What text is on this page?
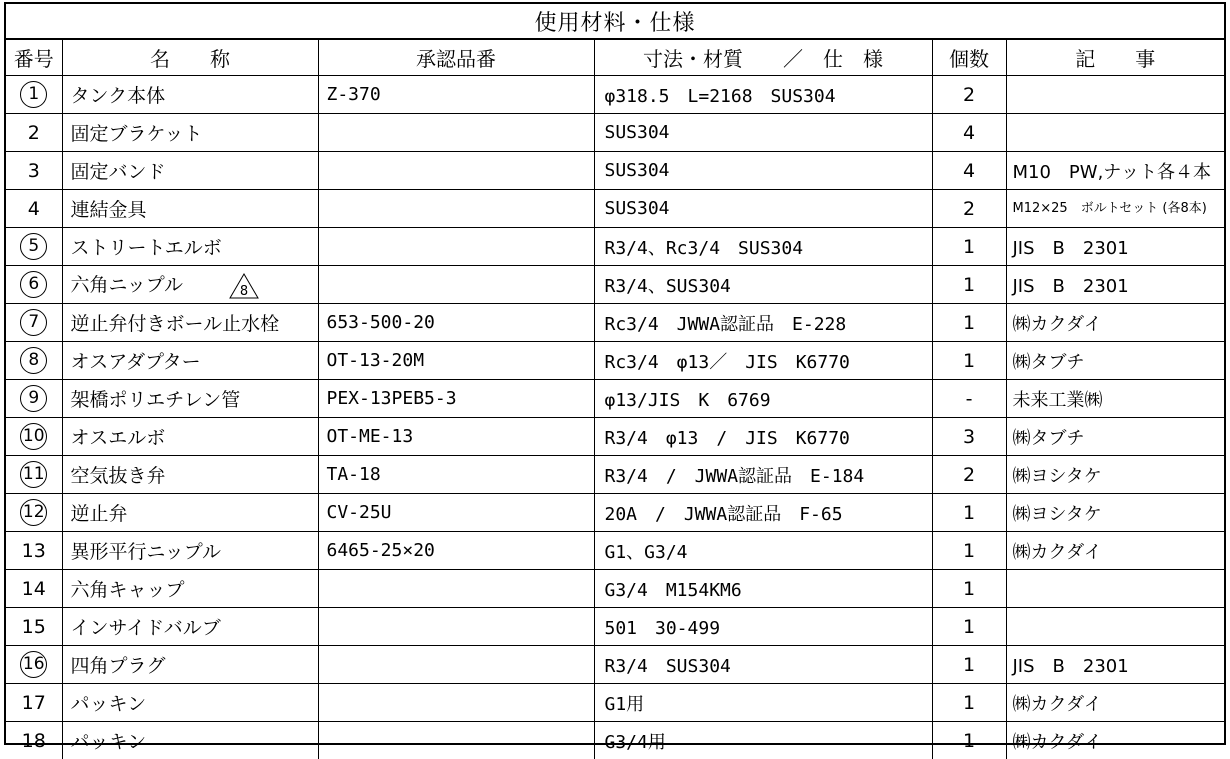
使用材料・仕様
番号	名　　称	承認品番	寸法・材質　　／　仕　様	個数	記　　事
1	タンク本体	Z-370	φ318.5　L=2168　SUS304	2	
2	固定ブラケット		SUS304	4	
3	固定バンド		SUS304	4	M10　PW,ナット各４本
4	連結金具		SUS304	2	M12×25　ボルトセット (各8本)
5	ストリートエルボ		R3/4、Rc3/4　SUS304	1	JIS　B　2301
6	六角ニップル 8		R3/4、SUS304	1	JIS　B　2301
7	逆止弁付きボール止水栓	653-500-20	Rc3/4　JWWA認証品　E-228	1	㈱カクダイ
8	オスアダプター	OT-13-20M	Rc3/4　φ13／　JIS　K6770	1	㈱タブチ
9	架橋ポリエチレン管	PEX-13PEB5-3	φ13/JIS　K　6769	-	未来工業㈱
10	オスエルボ	OT-ME-13	R3/4　φ13　/　JIS　K6770	3	㈱タブチ
11	空気抜き弁	TA-18	R3/4　/　JWWA認証品　E-184	2	㈱ヨシタケ
12	逆止弁	CV-25U	20A　/　JWWA認証品　F-65	1	㈱ヨシタケ
13	異形平行ニップル	6465-25×20	G1、G3/4	1	㈱カクダイ
14	六角キャップ		G3/4　M154KM6	1	
15	インサイドバルブ		501　30-499	1	
16	四角プラグ		R3/4　SUS304	1	JIS　B　2301
17	パッキン		G1用	1	㈱カクダイ
18	パッキン		G3/4用	1	㈱カクダイ
